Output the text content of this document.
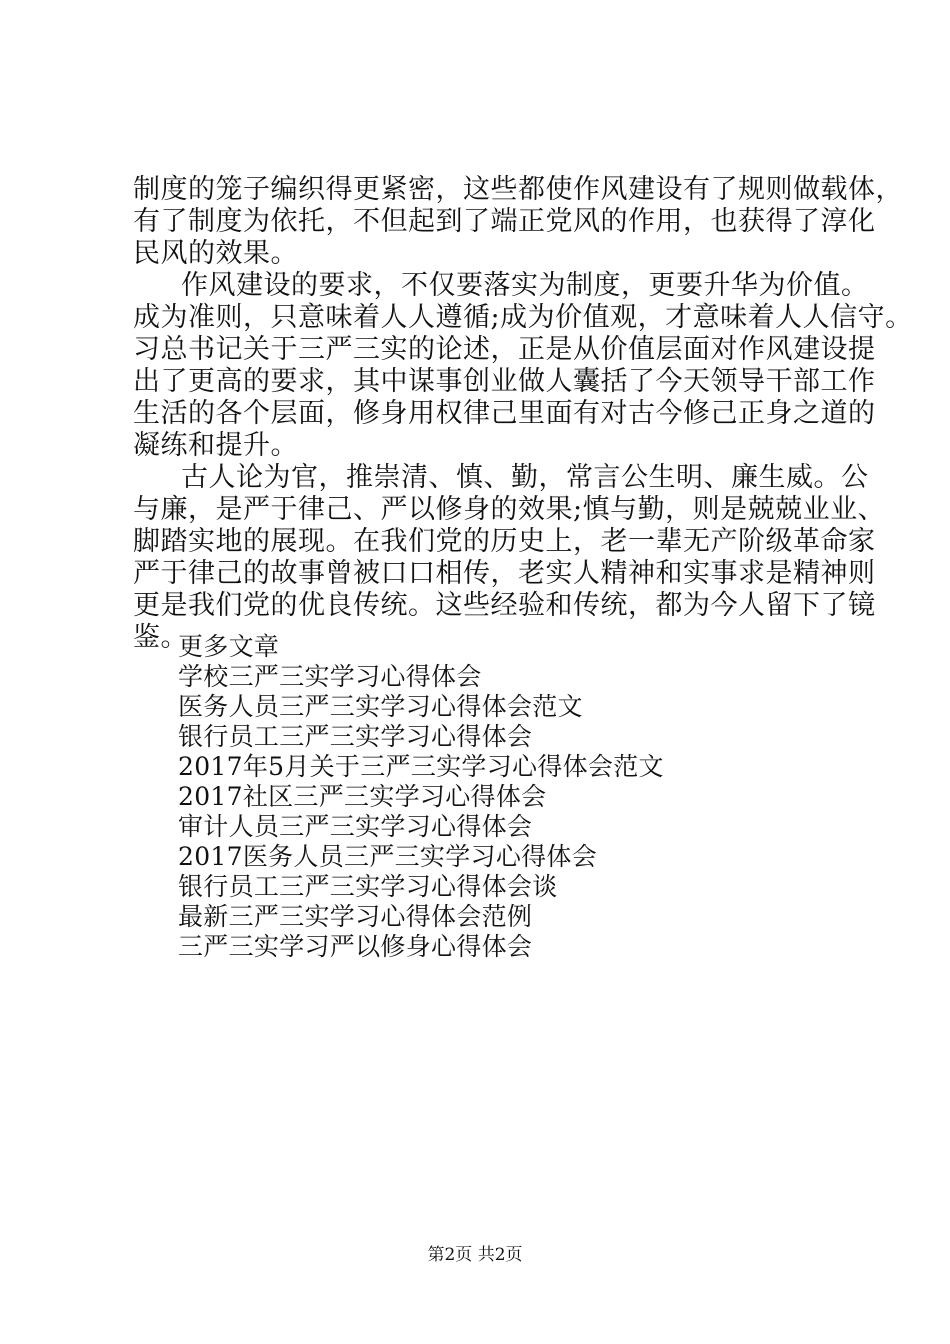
制度的笼子编织得更紧密，这些都使作风建设有了规则做载体，
有了制度为依托，不但起到了端正党风的作用，也获得了淳化
民风的效果。
作风建设的要求，不仅要落实为制度，更要升华为价值。
成为准则，只意味着人人遵循;成为价值观，才意味着人人信守。
习总书记关于三严三实的论述，正是从价值层面对作风建设提
出了更高的要求，其中谋事创业做人囊括了今天领导干部工作
生活的各个层面，修身用权律己里面有对古今修己正身之道的
凝练和提升。
古人论为官，推崇清、慎、勤，常言公生明、廉生威。公
与廉，是严于律己、严以修身的效果;慎与勤，则是兢兢业业、
脚踏实地的展现。在我们党的历史上，老一辈无产阶级革命家
严于律己的故事曾被口口相传，老实人精神和实事求是精神则
更是我们党的优良传统。这些经验和传统，都为今人留下了镜
鉴。
更多文章
学校三严三实学习心得体会
医务人员三严三实学习心得体会范文
银行员工三严三实学习心得体会
2017年5月关于三严三实学习心得体会范文
2017社区三严三实学习心得体会
审计人员三严三实学习心得体会
2017医务人员三严三实学习心得体会
银行员工三严三实学习心得体会谈
最新三严三实学习心得体会范例
三严三实学习严以修身心得体会
第2页 共2页
